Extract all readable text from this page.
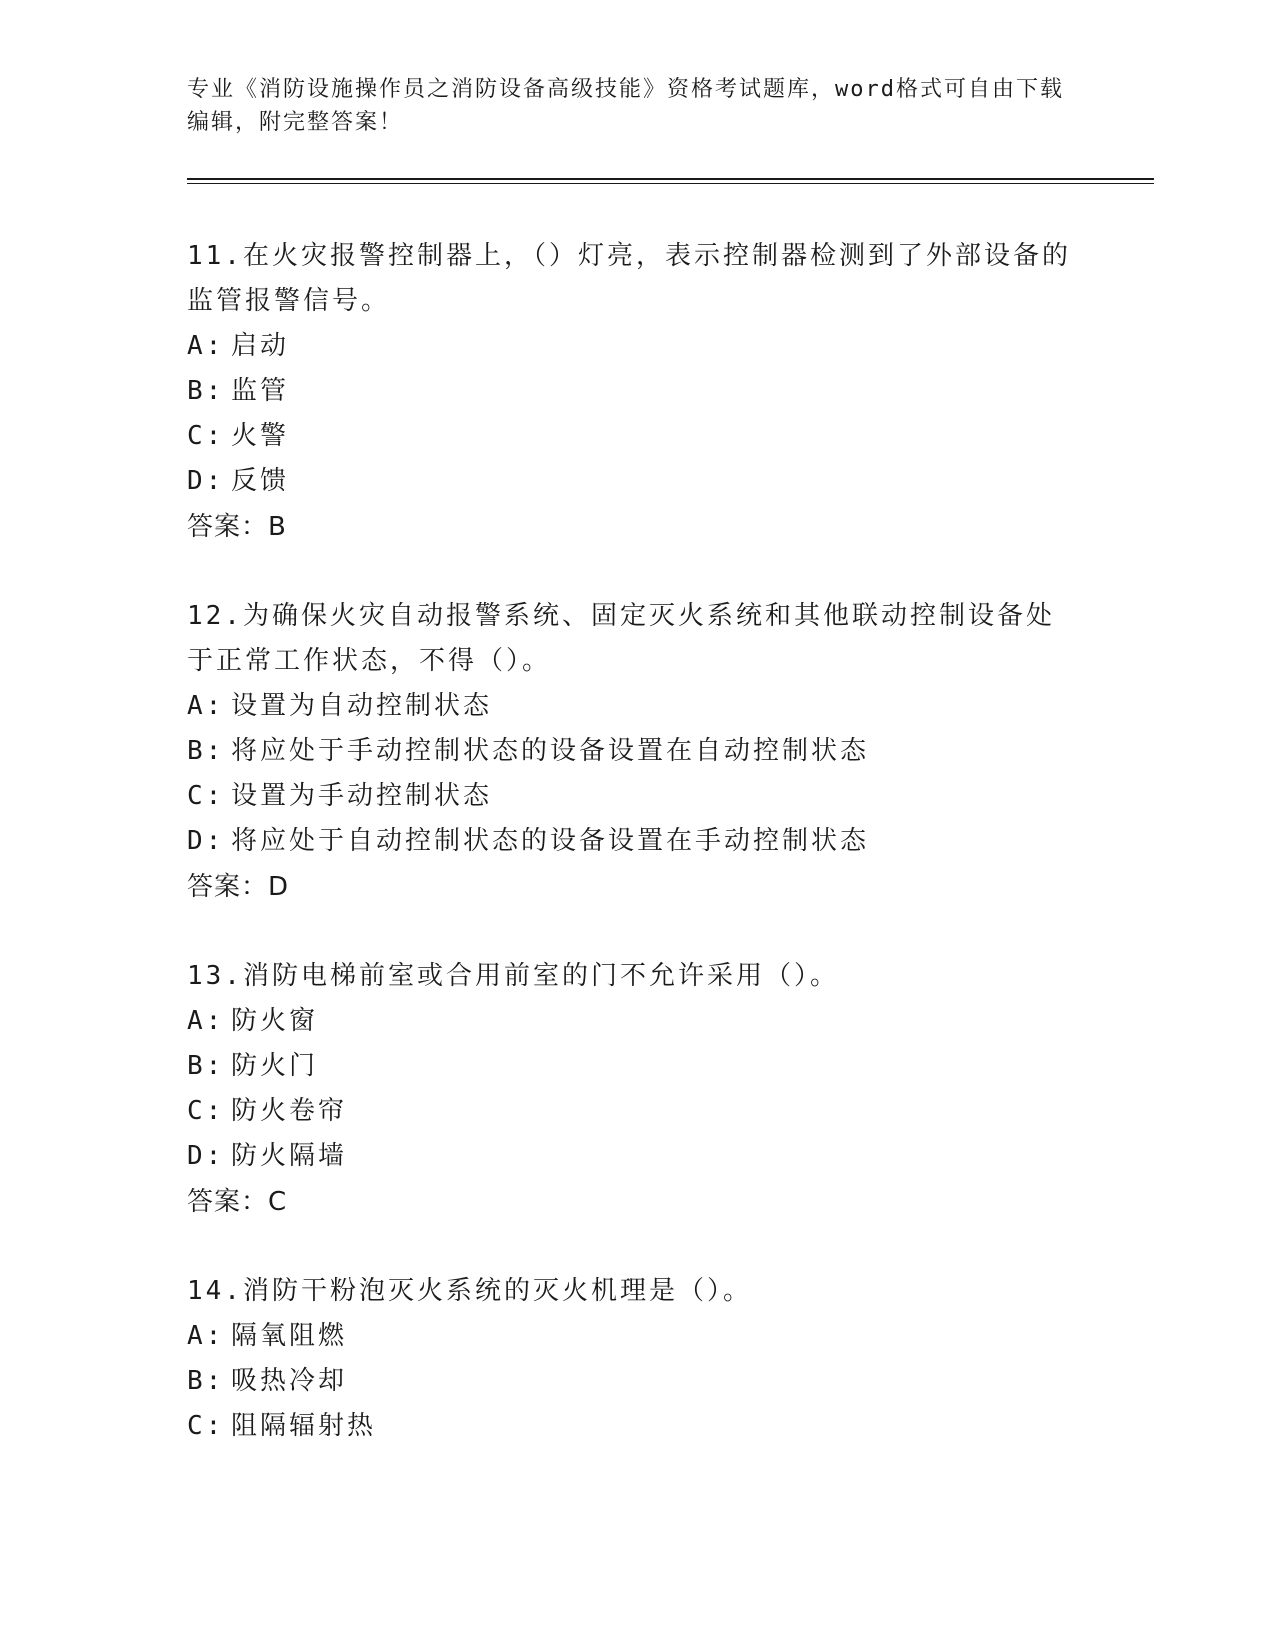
专业《消防设施操作员之消防设备高级技能》资格考试题库，word格式可自由下载编辑，附完整答案！
11.在火灾报警控制器上，（）灯亮，表示控制器检测到了外部设备的监管报警信号。
A: 启动
B: 监管
C: 火警
D: 反馈
答案：B
12.为确保火灾自动报警系统、固定灭火系统和其他联动控制设备处于正常工作状态，不得（）。
A: 设置为自动控制状态
B: 将应处于手动控制状态的设备设置在自动控制状态
C: 设置为手动控制状态
D: 将应处于自动控制状态的设备设置在手动控制状态
答案：D
13.消防电梯前室或合用前室的门不允许采用（）。
A: 防火窗
B: 防火门
C: 防火卷帘
D: 防火隔墙
答案：C
14.消防干粉泡灭火系统的灭火机理是（）。
A: 隔氧阻燃
B: 吸热冷却
C: 阻隔辐射热
